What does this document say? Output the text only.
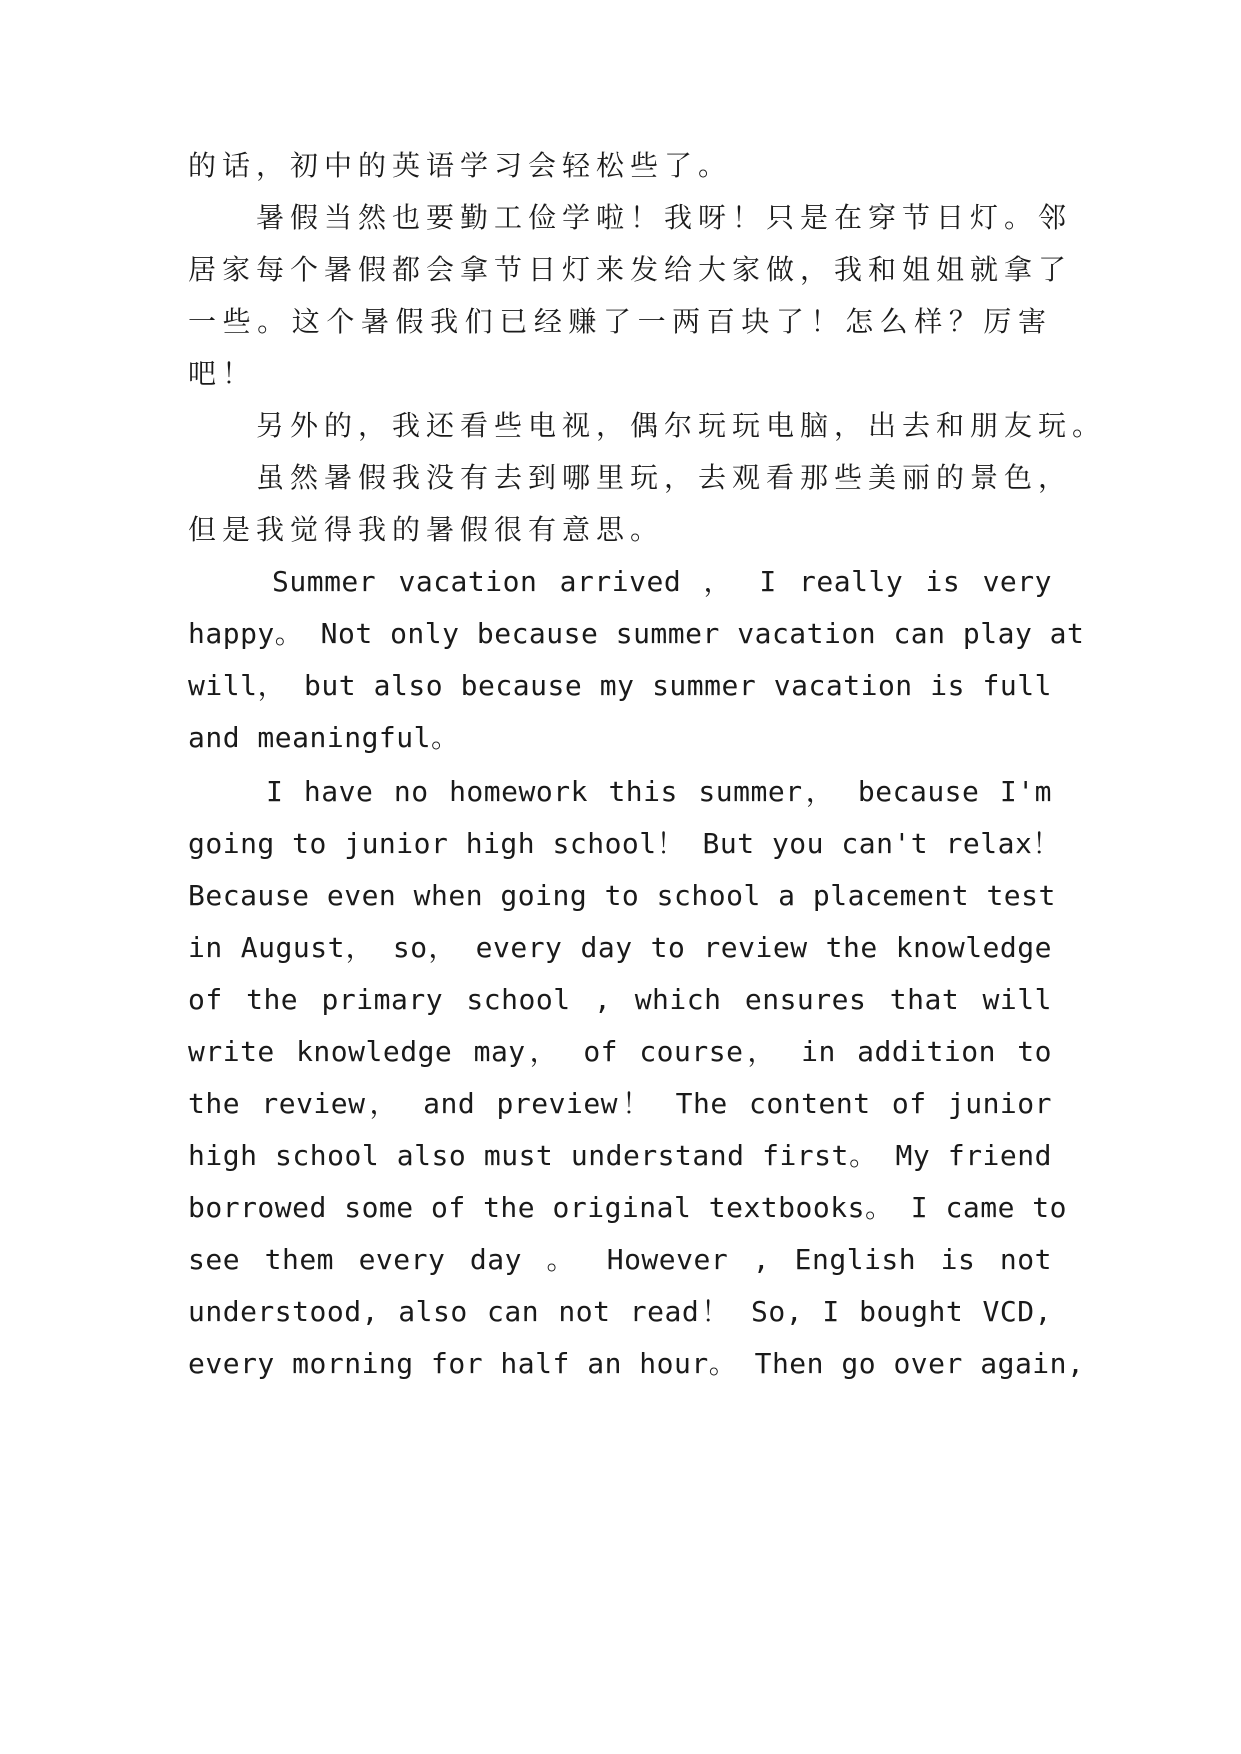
的话，初中的英语学习会轻松些了。
暑假当然也要勤工俭学啦！我呀！只是在穿节日灯。邻
居家每个暑假都会拿节日灯来发给大家做，我和姐姐就拿了
一些。这个暑假我们已经赚了一两百块了！怎么样？厉害
吧！
另外的，我还看些电视，偶尔玩玩电脑，出去和朋友玩。
虽然暑假我没有去到哪里玩，去观看那些美丽的景色，
但是我觉得我的暑假很有意思。
Summer vacation arrived ， I really is very
happy。 Not only because summer vacation can play at
will， but also because my summer vacation is full
and meaningful。
I have no homework this summer， because I'm
going to junior high school！ But you can't relax！
Because even when going to school a placement test
in August， so， every day to review the knowledge
of the primary school , which ensures that will
write knowledge may， of course， in addition to
the review， and preview！ The content of junior
high school also must understand first。 My friend
borrowed some of the original textbooks。 I came to
see them every day 。 However , English is not
understood, also can not read！ So, I bought VCD,
every morning for half an hour。 Then go over again,
